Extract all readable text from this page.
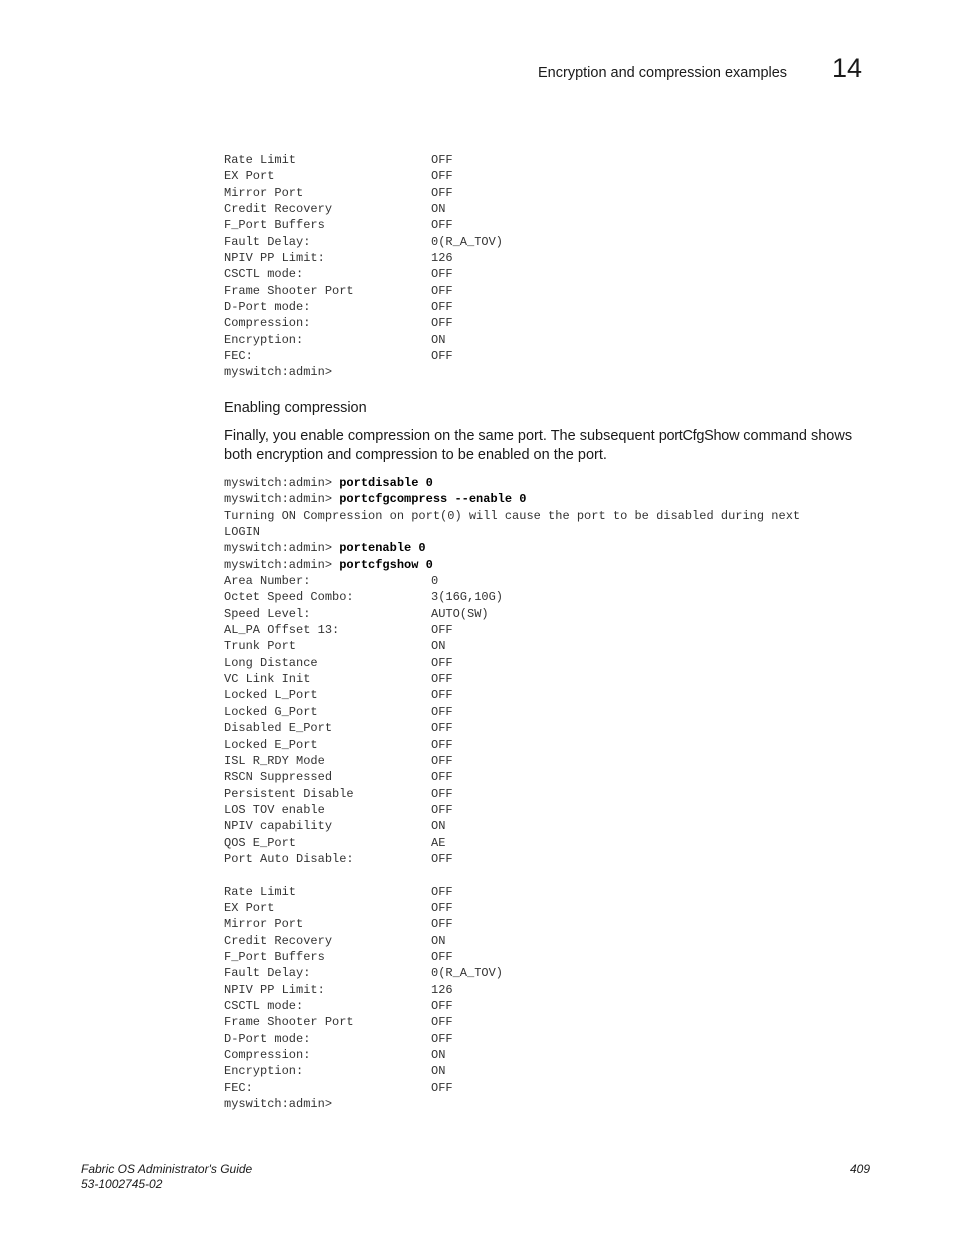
Encryption and compression examples 14
Rate Limit	OFF
EX Port	OFF
Mirror Port	OFF
Credit Recovery	ON
F_Port Buffers	OFF
Fault Delay:	0(R_A_TOV)
NPIV PP Limit:	126
CSCTL mode:	OFF
Frame Shooter Port	OFF
D-Port mode:	OFF
Compression:	OFF
Encryption:	ON
FEC:	OFF
myswitch:admin>
Enabling compression
Finally, you enable compression on the same port. The subsequent portCfgShow command shows both encryption and compression to be enabled on the port.
myswitch:admin> portdisable 0
myswitch:admin> portcfgcompress --enable 0
Turning ON Compression on port(0) will cause the port to be disabled during next
LOGIN
myswitch:admin> portenable 0
myswitch:admin> portcfgshow 0
Area Number:	0
Octet Speed Combo:	3(16G,10G)
Speed Level:	AUTO(SW)
AL_PA Offset 13:	OFF
Trunk Port	ON
Long Distance	OFF
VC Link Init	OFF
Locked L_Port	OFF
Locked G_Port	OFF
Disabled E_Port	OFF
Locked E_Port	OFF
ISL R_RDY Mode	OFF
RSCN Suppressed	OFF
Persistent Disable	OFF
LOS TOV enable	OFF
NPIV capability	ON
QOS E_Port	AE
Port Auto Disable:	OFF
Rate Limit	OFF
EX Port	OFF
Mirror Port	OFF
Credit Recovery	ON
F_Port Buffers	OFF
Fault Delay:	0(R_A_TOV)
NPIV PP Limit:	126
CSCTL mode:	OFF
Frame Shooter Port	OFF
D-Port mode:	OFF
Compression:	ON
Encryption:	ON
FEC:	OFF
myswitch:admin>
Fabric OS Administrator's Guide
53-1002745-02
409
